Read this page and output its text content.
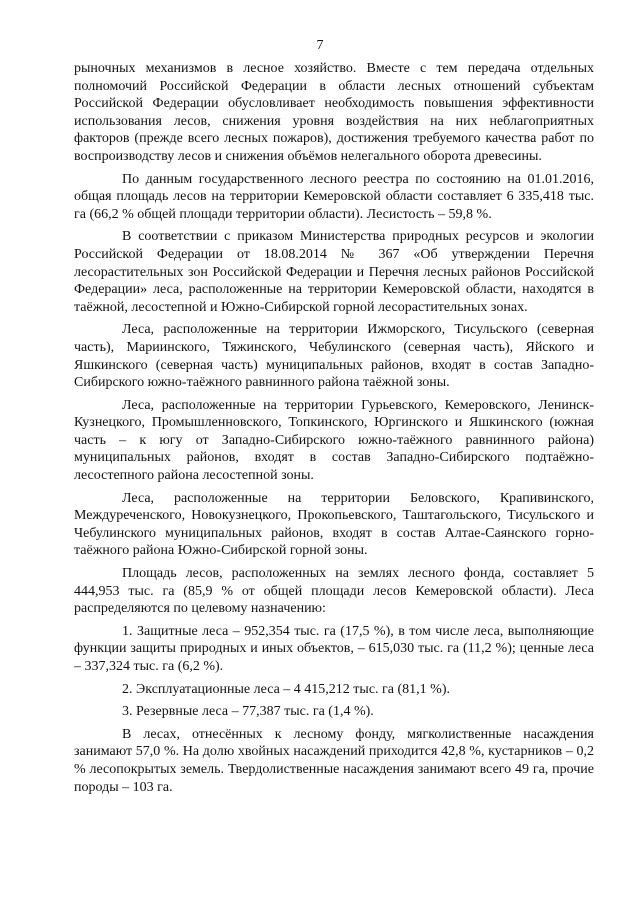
7

рыночных механизмов в лесное хозяйство. Вместе с тем передача отдельных полномочий Российской Федерации в области лесных отношений субъектам Российской Федерации обусловливает необходимость повышения эффективности использования лесов, снижения уровня воздействия на них неблагоприятных факторов (прежде всего лесных пожаров), достижения требуемого качества работ по воспроизводству лесов и снижения объёмов нелегального оборота древесины.

По данным государственного лесного реестра по состоянию на 01.01.2016, общая площадь лесов на территории Кемеровской области составляет 6 335,418 тыс. га (66,2 % общей площади территории области). Лесистость – 59,8 %.

В соответствии с приказом Министерства природных ресурсов и экологии Российской Федерации от 18.08.2014 № 367 «Об утверждении Перечня лесорастительных зон Российской Федерации и Перечня лесных районов Российской Федерации» леса, расположенные на территории Кемеровской области, находятся в таёжной, лесостепной и Южно-Сибирской горной лесорастительных зонах.

Леса, расположенные на территории Ижморского, Тисульского (северная часть), Мариинского, Тяжинского, Чебулинского (северная часть), Яйского и Яшкинского (северная часть) муниципальных районов, входят в состав Западно-Сибирского южно-таёжного равнинного района таёжной зоны.

Леса, расположенные на территории Гурьевского, Кемеровского, Ленинск-Кузнецкого, Промышленновского, Топкинского, Юргинского и Яшкинского (южная часть – к югу от Западно-Сибирского южно-таёжного равнинного района) муниципальных районов, входят в состав Западно-Сибирского подтаёжно-лесостепного района лесостепной зоны.

Леса, расположенные на территории Беловского, Крапивинского, Междуреченского, Новокузнецкого, Прокопьевского, Таштагольского, Тисульского и Чебулинского муниципальных районов, входят в состав Алтае-Саянского горно-таёжного района Южно-Сибирской горной зоны.

Площадь лесов, расположенных на землях лесного фонда, составляет 5 444,953 тыс. га (85,9 % от общей площади лесов Кемеровской области). Леса распределяются по целевому назначению:

1. Защитные леса – 952,354 тыс. га (17,5 %), в том числе леса, выполняющие функции защиты природных и иных объектов, – 615,030 тыс. га (11,2 %); ценные леса – 337,324 тыс. га (6,2 %).

2. Эксплуатационные леса – 4 415,212 тыс. га (81,1 %).

3. Резервные леса – 77,387 тыс. га (1,4 %).

В лесах, отнесённых к лесному фонду, мягколиственные насаждения занимают 57,0 %. На долю хвойных насаждений приходится 42,8 %, кустарников – 0,2 % лесопокрытых земель. Твердолиственные насаждения занимают всего 49 га, прочие породы – 103 га.
